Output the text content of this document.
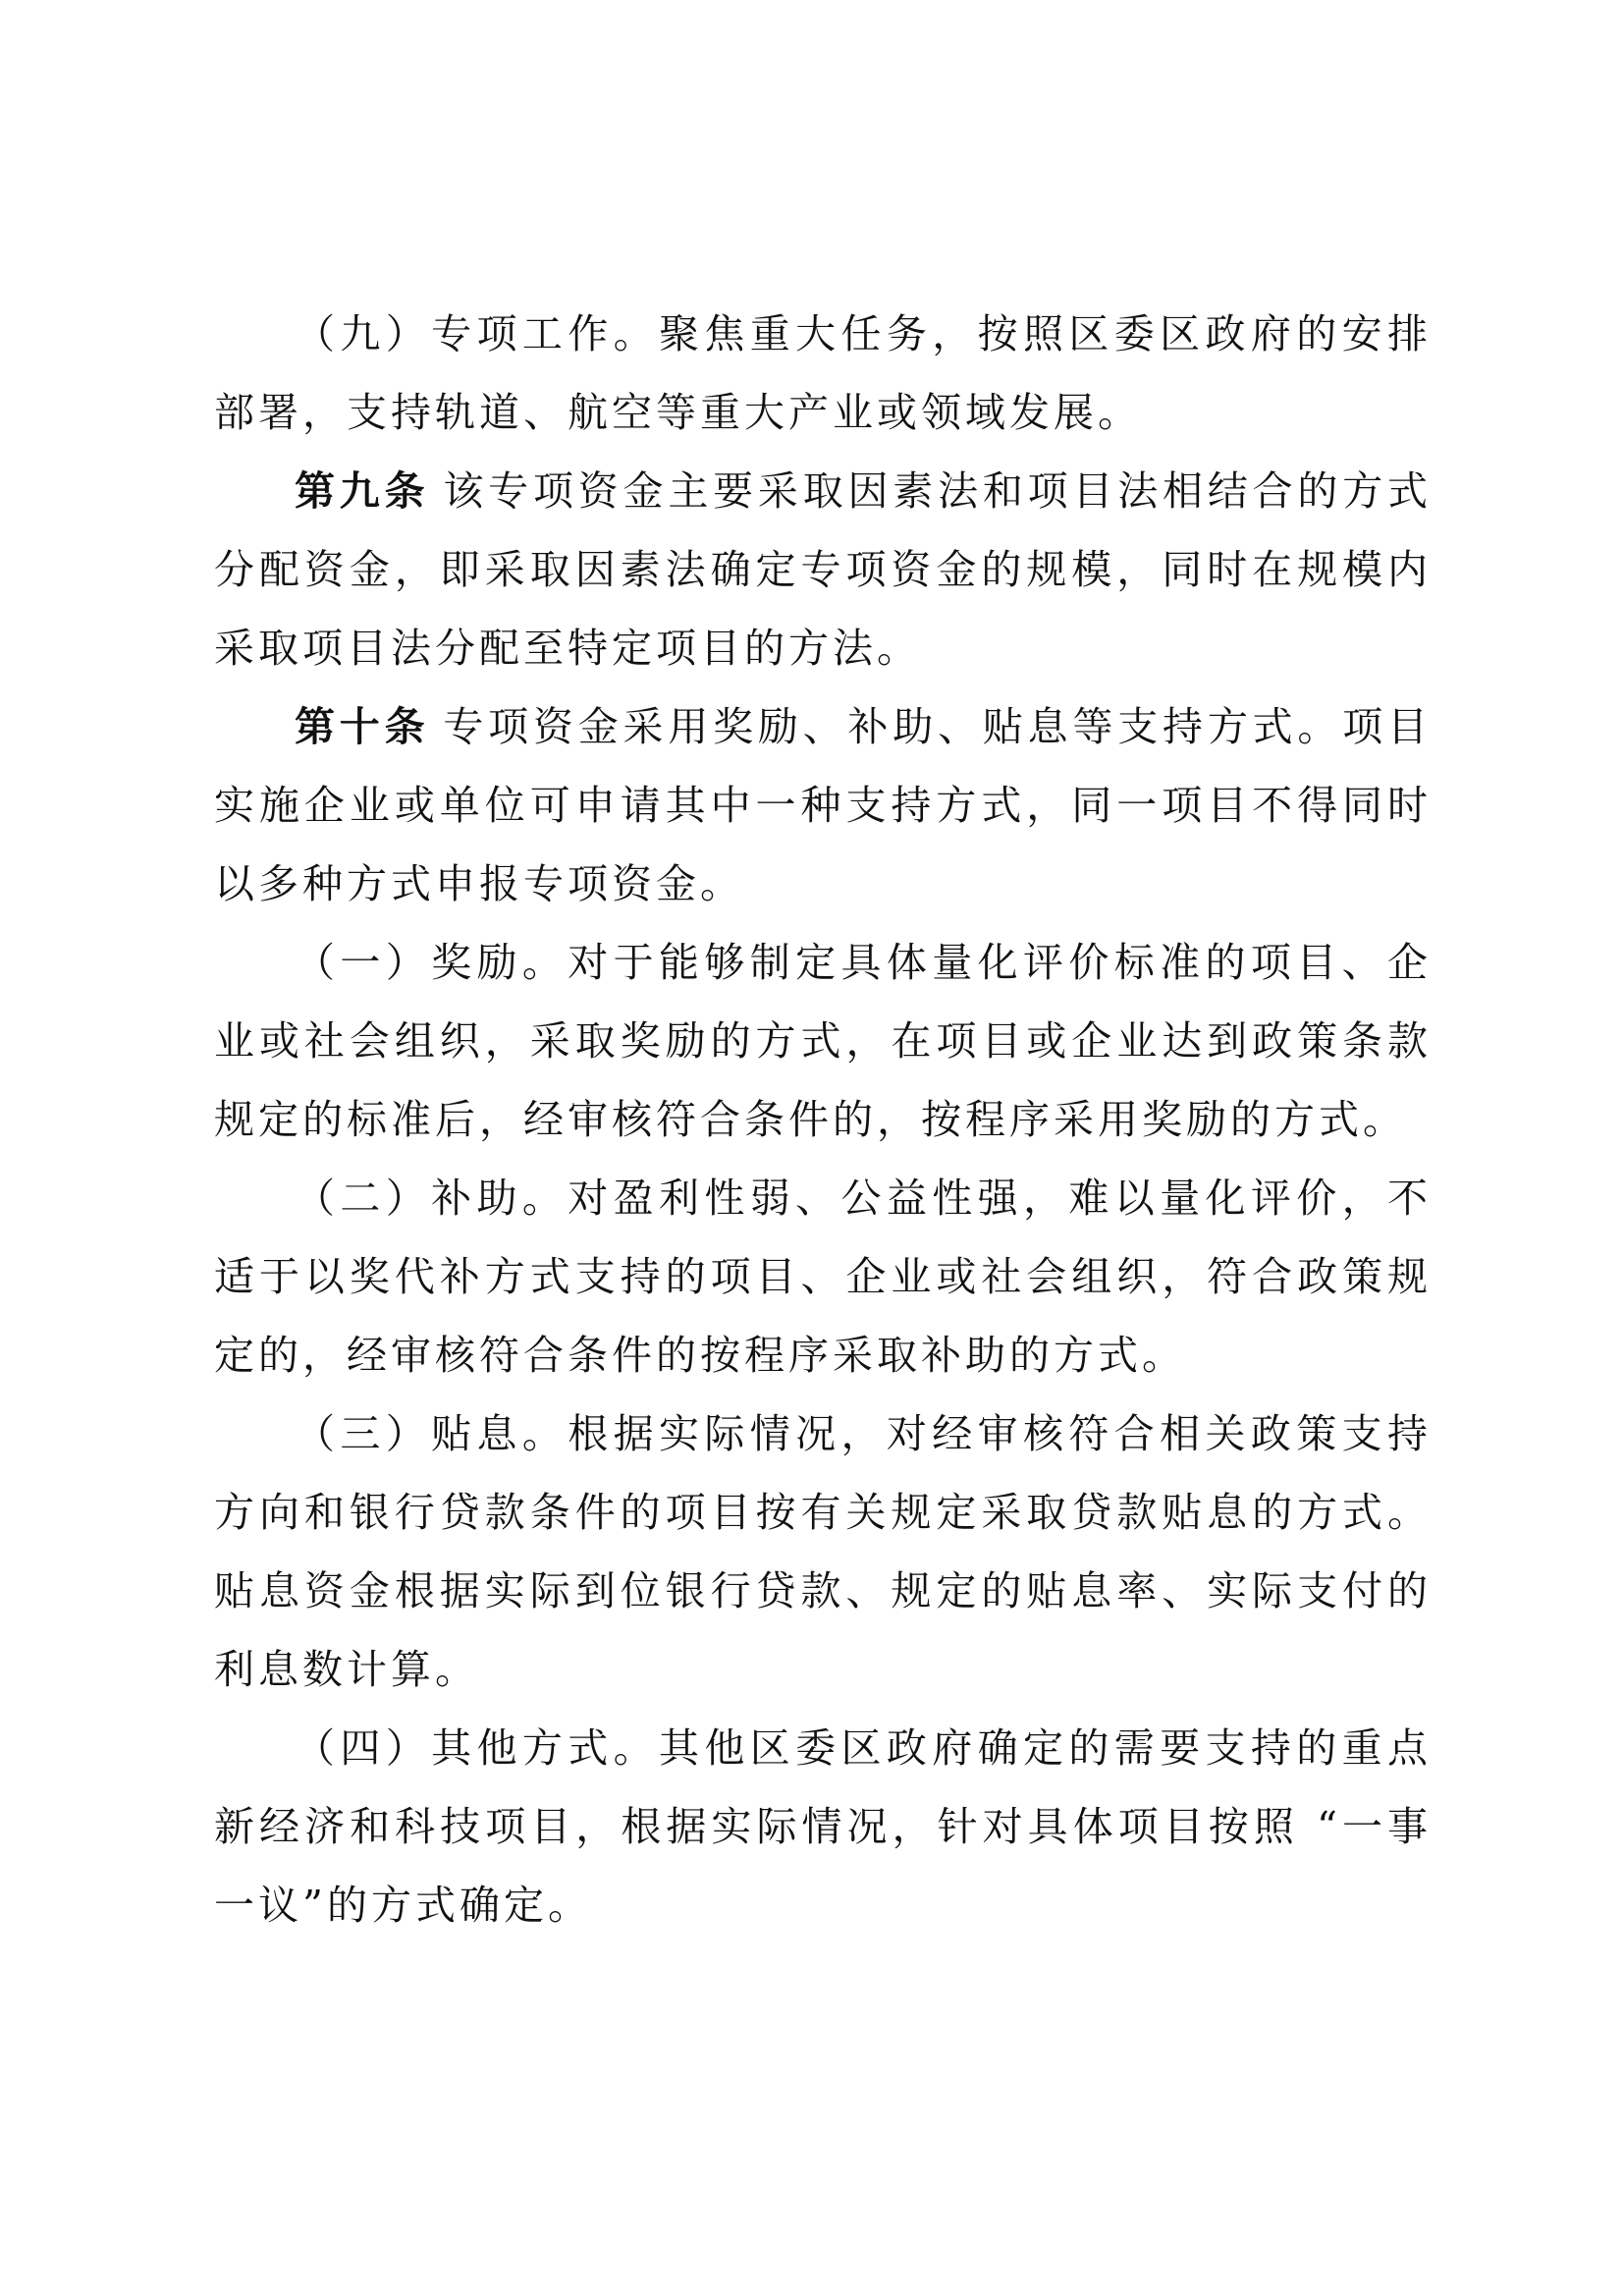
（九）专项工作。聚焦重大任务，按照区委区政府的安排部署，支持轨道、航空等重大产业或领域发展。

第九条 该专项资金主要采取因素法和项目法相结合的方式分配资金，即采取因素法确定专项资金的规模，同时在规模内采取项目法分配至特定项目的方法。

第十条 专项资金采用奖励、补助、贴息等支持方式。项目实施企业或单位可申请其中一种支持方式，同一项目不得同时以多种方式申报专项资金。

（一）奖励。对于能够制定具体量化评价标准的项目、企业或社会组织，采取奖励的方式，在项目或企业达到政策条款规定的标准后，经审核符合条件的，按程序采用奖励的方式。

（二）补助。对盈利性弱、公益性强，难以量化评价，不适于以奖代补方式支持的项目、企业或社会组织，符合政策规定的，经审核符合条件的按程序采取补助的方式。

（三）贴息。根据实际情况，对经审核符合相关政策支持方向和银行贷款条件的项目按有关规定采取贷款贴息的方式。贴息资金根据实际到位银行贷款、规定的贴息率、实际支付的利息数计算。

（四）其他方式。其他区委区政府确定的需要支持的重点新经济和科技项目，根据实际情况，针对具体项目按照 “一事一议”的方式确定。
